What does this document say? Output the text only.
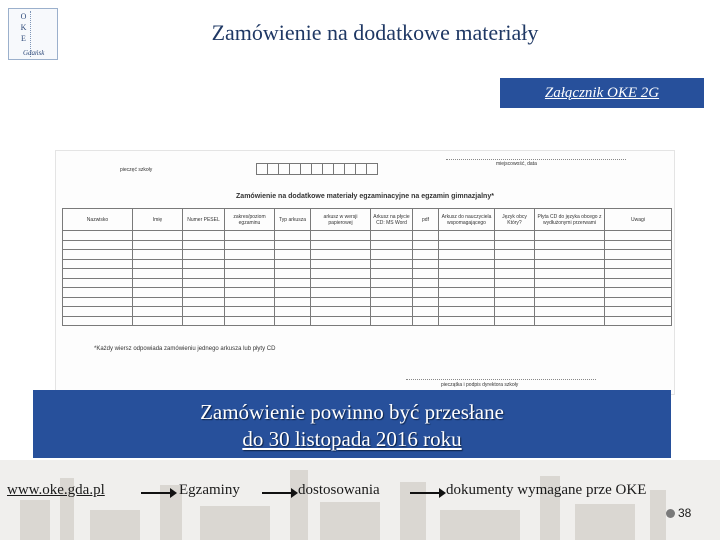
O
K
E
Gdańsk
Zamówienie na dodatkowe materiały
Załącznik OKE 2G
pieczęć szkoły
miejscowość, data
Zamówienie na dodatkowe materiały egzaminacyjne na egzamin gimnazjalny*
Nazwisko	Imię	Numer PESEL	zakres/poziom egzaminu	Typ arkusza	arkusz w wersji papierowej	Arkusz na płycie CD: MS Word	pdf	Arkusz do nauczyciela wspomagającego	Język obcy Który?	Płyta CD do języka obcego z wydłużonymi przerwami	Uwagi

*Każdy wiersz odpowiada zamówieniu jednego arkusza lub płyty CD
pieczątka i podpis dyrektora szkoły
Zamówienie powinno być przesłane
do 30 listopada 2016 roku
www.oke.gda.pl	Egzaminy	dostosowania	dokumenty wymagane prze OKE
38
